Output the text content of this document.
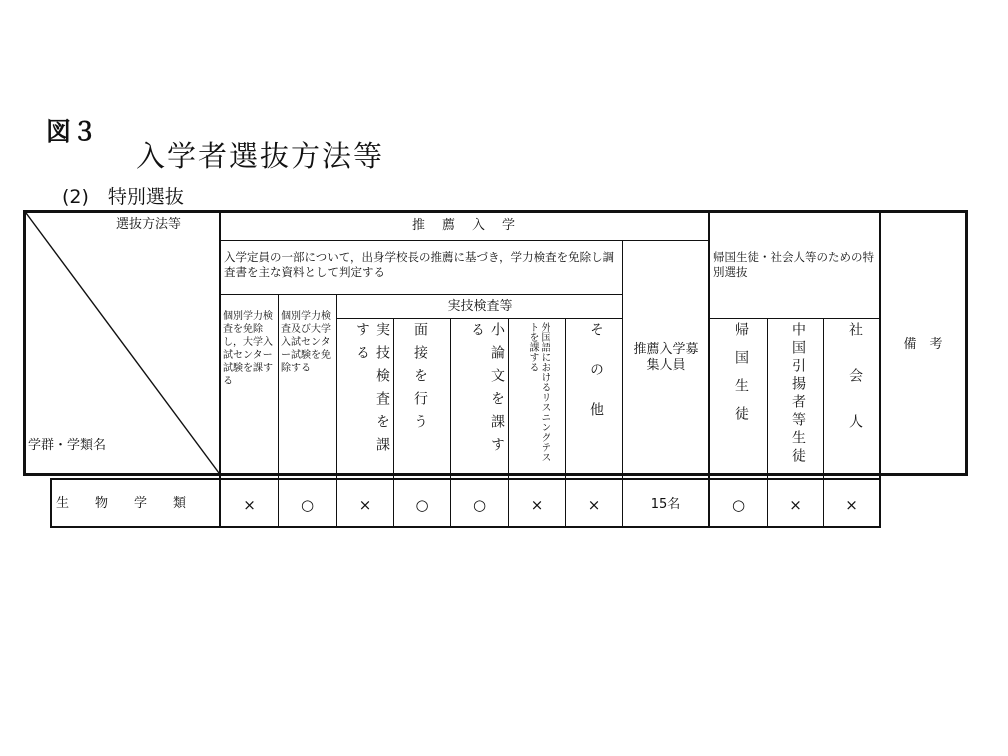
図３
入学者選抜方法等
(2)　特別選抜
選抜方法等
学群・学類名
推　薦　入　学
入学定員の一部について，出身学校長の推薦に基づき，学力検査を免除し調査書を主な資料として判定する
個別学力検査を免除し，大学入試センター試験を課する
個別学力検査及び大学入試センター試験を免除する
実技検査等
実技検査を課する	面接を行う	小論文を課する	外国語におけるリスニングテストを課する	その他	推薦入学募集人員
帰国生徒・社会人等のための特別選抜
帰国生徒	中国引揚者等生徒	社会人	備　考
生　　物　　学　　類	×	○	×	○	○	×	×	15名	○	×	×
